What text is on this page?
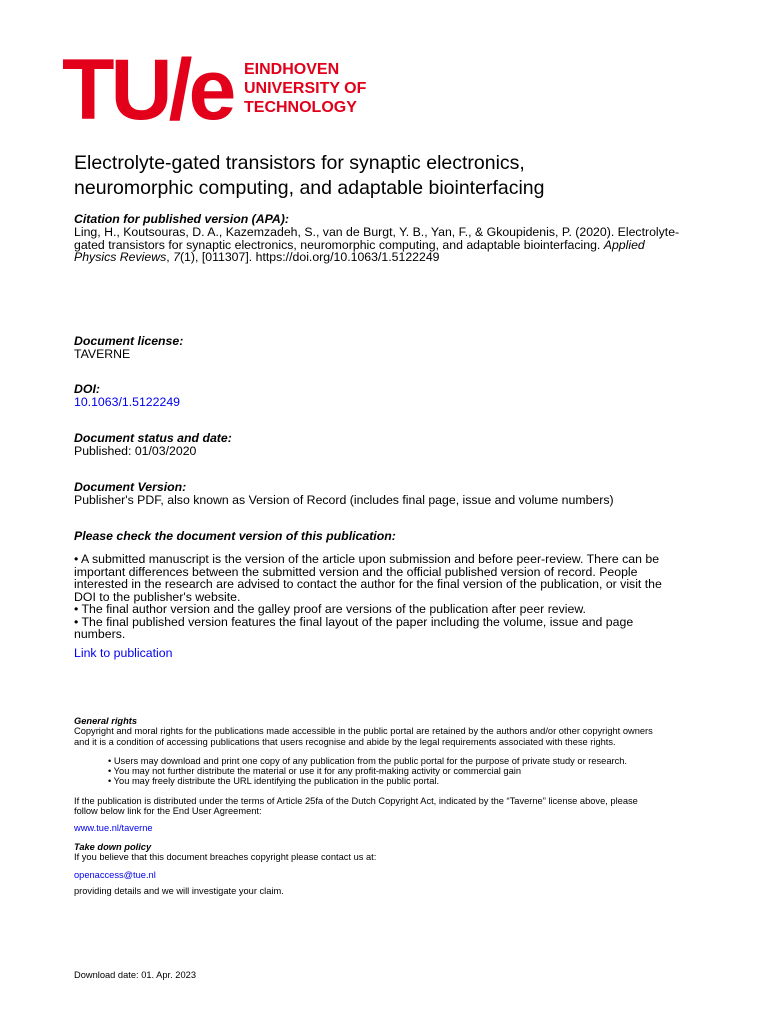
TU/e EINDHOVEN
UNIVERSITY OF
TECHNOLOGY
Electrolyte-gated transistors for synaptic electronics,
neuromorphic computing, and adaptable biointerfacing
Citation for published version (APA):
Ling, H., Koutsouras, D. A., Kazemzadeh, S., van de Burgt, Y. B., Yan, F., & Gkoupidenis, P. (2020). Electrolyte-
gated transistors for synaptic electronics, neuromorphic computing, and adaptable biointerfacing. Applied
Physics Reviews, 7(1), [011307]. https://doi.org/10.1063/1.5122249
Document license:
TAVERNE
DOI:
10.1063/1.5122249
Document status and date:
Published: 01/03/2020
Document Version:
Publisher's PDF, also known as Version of Record (includes final page, issue and volume numbers)
Please check the document version of this publication:
• A submitted manuscript is the version of the article upon submission and before peer-review. There can be
important differences between the submitted version and the official published version of record. People
interested in the research are advised to contact the author for the final version of the publication, or visit the
DOI to the publisher's website.
• The final author version and the galley proof are versions of the publication after peer review.
• The final published version features the final layout of the paper including the volume, issue and page
numbers.
Link to publication
General rights
Copyright and moral rights for the publications made accessible in the public portal are retained by the authors and/or other copyright owners
and it is a condition of accessing publications that users recognise and abide by the legal requirements associated with these rights.
• Users may download and print one copy of any publication from the public portal for the purpose of private study or research.
• You may not further distribute the material or use it for any profit-making activity or commercial gain
• You may freely distribute the URL identifying the publication in the public portal.
If the publication is distributed under the terms of Article 25fa of the Dutch Copyright Act, indicated by the “Taverne” license above, please
follow below link for the End User Agreement:
www.tue.nl/taverne
Take down policy
If you believe that this document breaches copyright please contact us at:
openaccess@tue.nl
providing details and we will investigate your claim.
Download date: 01. Apr. 2023
